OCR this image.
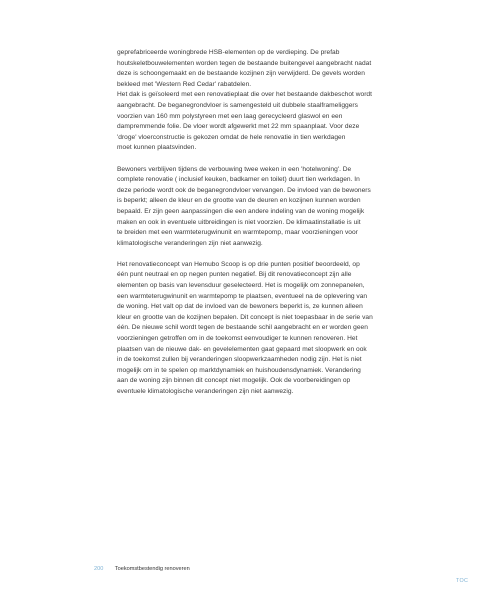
geprefabriceerde woningbrede HSB-elementen op de verdieping. De prefab

houtskeletbouwelementen worden tegen de bestaande buitengevel aangebracht nadat

deze is schoongemaakt en de bestaande kozijnen zijn verwijderd. De gevels worden

bekleed met 'Western Red Cedar' rabatdelen.

Het dak is geïsoleerd met een renovatieplaat die over het bestaande dakbeschot wordt

aangebracht. De beganegrondvloer is samengesteld uit dubbele staalframeliggers

voorzien van 160 mm polystyreen met een laag gerecycleerd glaswol en een

dampremmende folie. De vloer wordt afgewerkt met 22 mm spaanplaat. Voor deze

'droge' vloerconstructie is gekozen omdat de hele renovatie in tien werkdagen

moet kunnen plaatsvinden.

Bewoners verblijven tijdens de verbouwing twee weken in een 'hotelwoning'. De

complete renovatie ( inclusief keuken, badkamer en toilet) duurt tien werkdagen. In

deze periode wordt ook de beganegrondvloer vervangen. De invloed van de bewoners

is beperkt; alleen de kleur en de grootte van de deuren en kozijnen kunnen worden

bepaald. Er zijn geen aanpassingen die een andere indeling van de woning mogelijk

maken en ook in eventuele uitbreidingen is niet voorzien. De klimaatinstallatie is uit

te breiden met een warmteterugwinunit en warmtepomp, maar voorzieningen voor

klimatologische veranderingen zijn niet aanwezig.

Het renovatieconcept van Hemubo Scoop is op drie punten positief beoordeeld, op

één punt neutraal en op negen punten negatief. Bij dit renovatieconcept zijn alle

elementen op basis van levensduur geselecteerd. Het is mogelijk om zonnepanelen,

een warmteterugwinunit en warmtepomp te plaatsen, eventueel na de oplevering van

de woning. Het valt op dat de invloed van de bewoners beperkt is, ze kunnen alleen

kleur en grootte van de kozijnen bepalen. Dit concept is niet toepasbaar in de serie van

één. De nieuwe schil wordt tegen de bestaande schil aangebracht en er worden geen

voorzieningen getroffen om in de toekomst eenvoudiger te kunnen renoveren. Het

plaatsen van de nieuwe dak- en gevelelementen gaat gepaard met sloopwerk en ook

in de toekomst zullen bij veranderingen sloopwerkzaamheden nodig zijn. Het is niet

mogelijk om in te spelen op marktdynamiek en huishoudensdynamiek. Verandering

aan de woning zijn binnen dit concept niet mogelijk. Ook de voorbereidingen op

eventuele klimatologische veranderingen zijn niet aanwezig.

200 Toekomstbestendig renoveren
TOC
